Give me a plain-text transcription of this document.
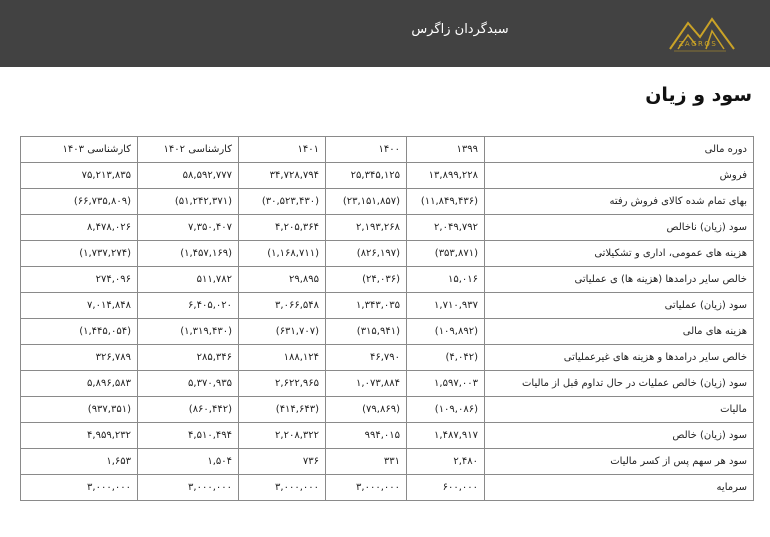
سبدگردان زاگرس
ZAGROS
سود و زیان
دوره مالی	۱۳۹۹	۱۴۰۰	۱۴۰۱	کارشناسی ۱۴۰۲	کارشناسی ۱۴۰۳
فروش	۱۳,۸۹۹,۲۲۸	۲۵,۳۴۵,۱۲۵	۳۴,۷۲۸,۷۹۴	۵۸,۵۹۲,۷۷۷	۷۵,۲۱۳,۸۳۵
بهای تمام شده کالای فروش رفته	(۱۱,۸۴۹,۴۳۶)	(۲۳,۱۵۱,۸۵۷)	(۳۰,۵۲۳,۴۳۰)	(۵۱,۲۴۲,۳۷۱)	(۶۶,۷۳۵,۸۰۹)
سود (زیان) ناخالص	۲,۰۴۹,۷۹۲	۲,۱۹۳,۲۶۸	۴,۲۰۵,۳۶۴	۷,۳۵۰,۴۰۷	۸,۴۷۸,۰۲۶
هزینه های عمومی، اداری و تشکیلاتی	(۳۵۳,۸۷۱)	(۸۲۶,۱۹۷)	(۱,۱۶۸,۷۱۱)	(۱,۴۵۷,۱۶۹)	(۱,۷۳۷,۲۷۴)
خالص سایر درامدها (هزینه ها) ی عملیاتی	۱۵,۰۱۶	(۲۴,۰۳۶)	۲۹,۸۹۵	۵۱۱,۷۸۲	۲۷۴,۰۹۶
سود (زیان) عملیاتی	۱,۷۱۰,۹۳۷	۱,۳۴۳,۰۳۵	۳,۰۶۶,۵۴۸	۶,۴۰۵,۰۲۰	۷,۰۱۴,۸۴۸
هزینه های مالی	(۱۰۹,۸۹۲)	(۳۱۵,۹۴۱)	(۶۳۱,۷۰۷)	(۱,۳۱۹,۴۳۰)	(۱,۴۴۵,۰۵۴)
خالص سایر درامدها و هزینه های غیرعملیاتی	(۴,۰۴۲)	۴۶,۷۹۰	۱۸۸,۱۲۴	۲۸۵,۳۴۶	۳۲۶,۷۸۹
سود (زیان) خالص عملیات در حال تداوم قبل از مالیات	۱,۵۹۷,۰۰۳	۱,۰۷۳,۸۸۴	۲,۶۲۲,۹۶۵	۵,۳۷۰,۹۳۵	۵,۸۹۶,۵۸۳
مالیات	(۱۰۹,۰۸۶)	(۷۹,۸۶۹)	(۴۱۴,۶۴۳)	(۸۶۰,۴۴۲)	(۹۳۷,۳۵۱)
سود (زیان) خالص	۱,۴۸۷,۹۱۷	۹۹۴,۰۱۵	۲,۲۰۸,۳۲۲	۴,۵۱۰,۴۹۴	۴,۹۵۹,۲۳۲
سود هر سهم پس از کسر مالیات	۲,۴۸۰	۳۳۱	۷۳۶	۱,۵۰۴	۱,۶۵۳
سرمایه	۶۰۰,۰۰۰	۳,۰۰۰,۰۰۰	۳,۰۰۰,۰۰۰	۳,۰۰۰,۰۰۰	۳,۰۰۰,۰۰۰
